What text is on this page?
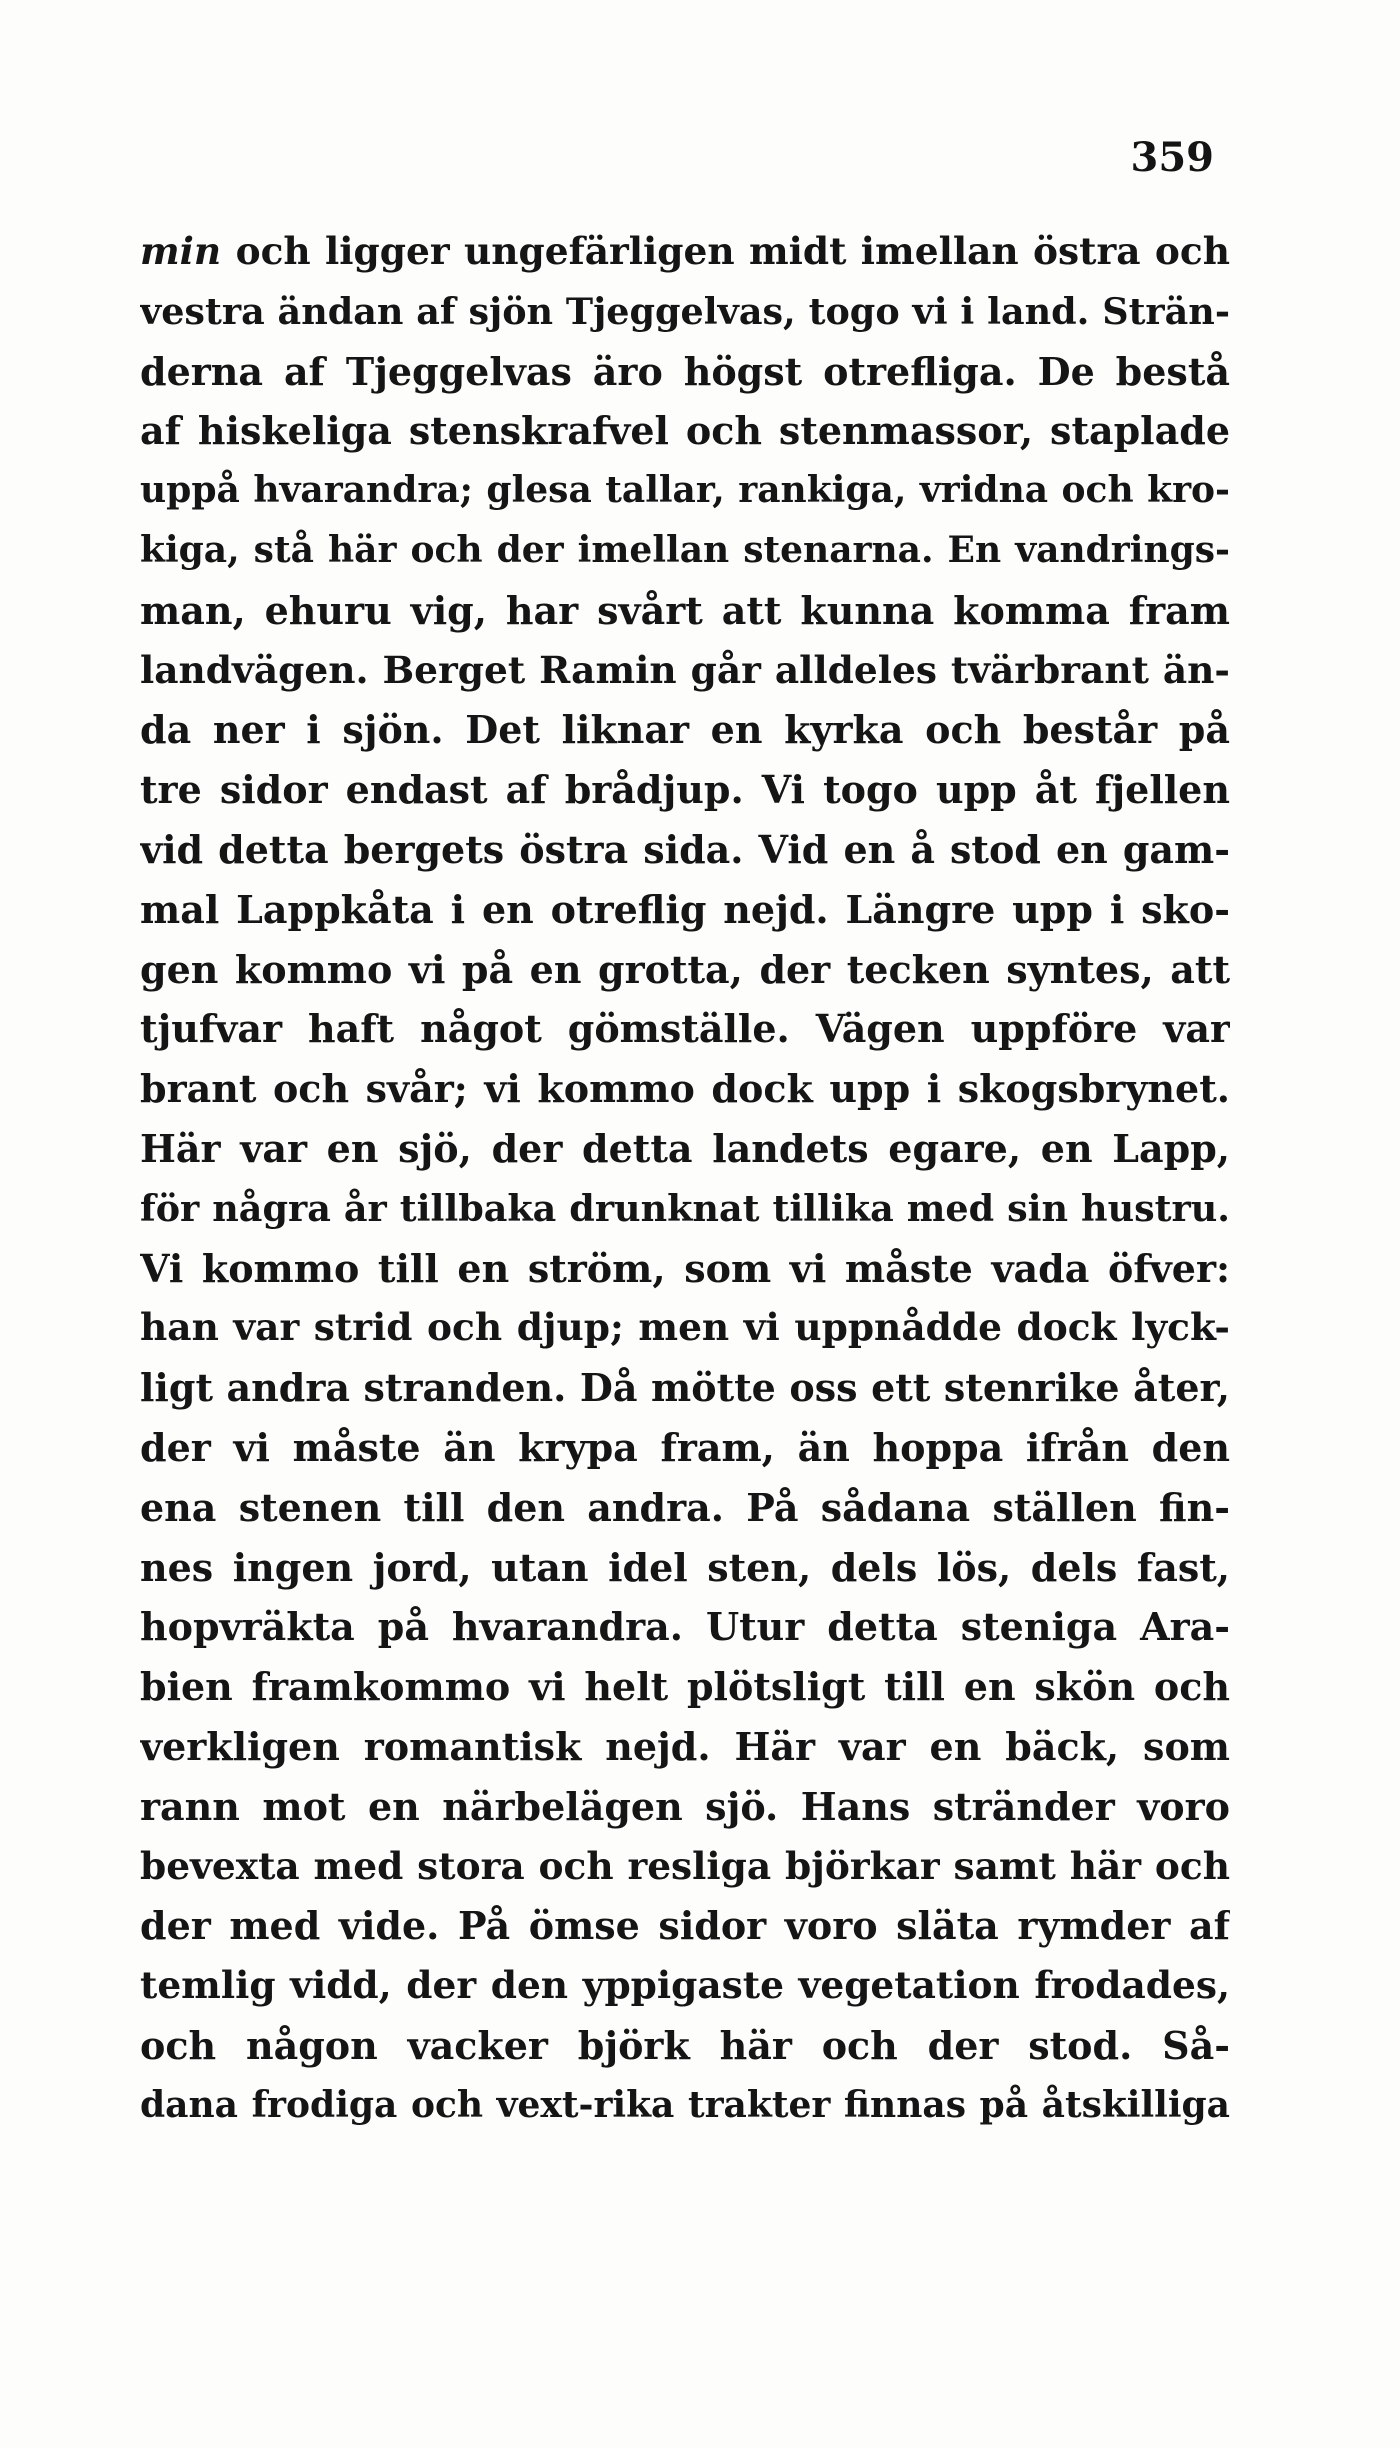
359
min och ligger ungefärligen midt imellan östra och
vestra ändan af sjön Tjeggelvas, togo vi i land. Strän-
derna af Tjeggelvas äro högst otrefliga. De bestå
af hiskeliga stenskrafvel och stenmassor, staplade
uppå hvarandra; glesa tallar, rankiga, vridna och kro-
kiga, stå här och der imellan stenarna. En vandrings-
man, ehuru vig, har svårt att kunna komma fram
landvägen. Berget Ramin går alldeles tvärbrant än-
da ner i sjön. Det liknar en kyrka och består på
tre sidor endast af brådjup. Vi togo upp åt fjellen
vid detta bergets östra sida. Vid en å stod en gam-
mal Lappkåta i en otreflig nejd. Längre upp i sko-
gen kommo vi på en grotta, der tecken syntes, att
tjufvar haft något gömställe. Vägen uppföre var
brant och svår; vi kommo dock upp i skogsbrynet.
Här var en sjö, der detta landets egare, en Lapp,
för några år tillbaka drunknat tillika med sin hustru.
Vi kommo till en ström, som vi måste vada öfver:
han var strid och djup; men vi uppnådde dock lyck-
ligt andra stranden. Då mötte oss ett stenrike åter,
der vi måste än krypa fram, än hoppa ifrån den
ena stenen till den andra. På sådana ställen fin-
nes ingen jord, utan idel sten, dels lös, dels fast,
hopvräkta på hvarandra. Utur detta steniga Ara-
bien framkommo vi helt plötsligt till en skön och
verkligen romantisk nejd. Här var en bäck, som
rann mot en närbelägen sjö. Hans stränder voro
bevexta med stora och resliga björkar samt här och
der med vide. På ömse sidor voro släta rymder af
temlig vidd, der den yppigaste vegetation frodades,
och någon vacker björk här och der stod. Så-
dana frodiga och vext-rika trakter finnas på åtskilliga
